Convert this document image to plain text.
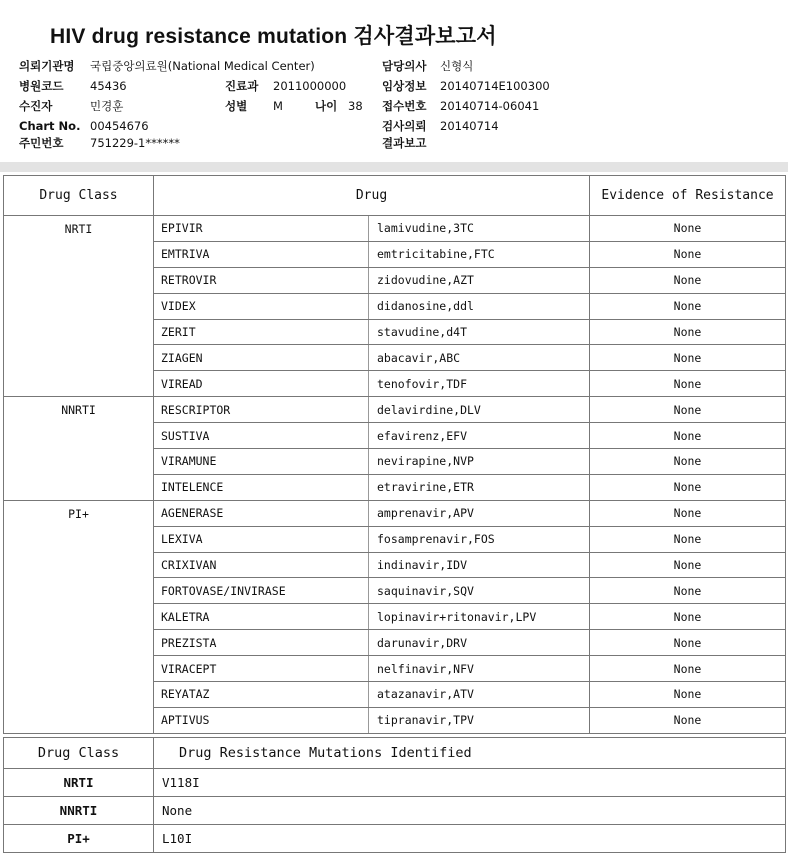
HIV drug resistance mutation 검사결과보고서
의뢰기관명 국립중앙의료원(National Medical Center)
병원코드 45436
수진자	민경훈
Chart No. 00454676
주민번호 751229-1******
진료과 2011000000
성별 M	나이 38
담당의사 신형식
임상정보 20140714E100300
접수번호 20140714-06041
검사의뢰 20140714
결과보고
Drug Class	Drug		Evidence of Resistance
NRTI	EPIVIR	lamivudine,3TC	None
	EMTRIVA	emtricitabine,FTC	None
	RETROVIR	zidovudine,AZT	None
	VIDEX	didanosine,ddl	None
	ZERIT	stavudine,d4T	None
	ZIAGEN	abacavir,ABC	None
	VIREAD	tenofovir,TDF	None
NNRTI	RESCRIPTOR	delavirdine,DLV	None
	SUSTIVA	efavirenz,EFV	None
	VIRAMUNE	nevirapine,NVP	None
	INTELENCE	etravirine,ETR	None
PI+	AGENERASE	amprenavir,APV	None
	LEXIVA	fosamprenavir,FOS	None
	CRIXIVAN	indinavir,IDV	None
	FORTOVASE/INVIRASE	saquinavir,SQV	None
	KALETRA	lopinavir+ritonavir,LPV	None
	PREZISTA	darunavir,DRV	None
	VIRACEPT	nelfinavir,NFV	None
	REYATAZ	atazanavir,ATV	None
	APTIVUS	tipranavir,TPV	None
Drug Class	Drug Resistance Mutations Identified
NRTI	V118I
NNRTI	None
PI+	L10I
